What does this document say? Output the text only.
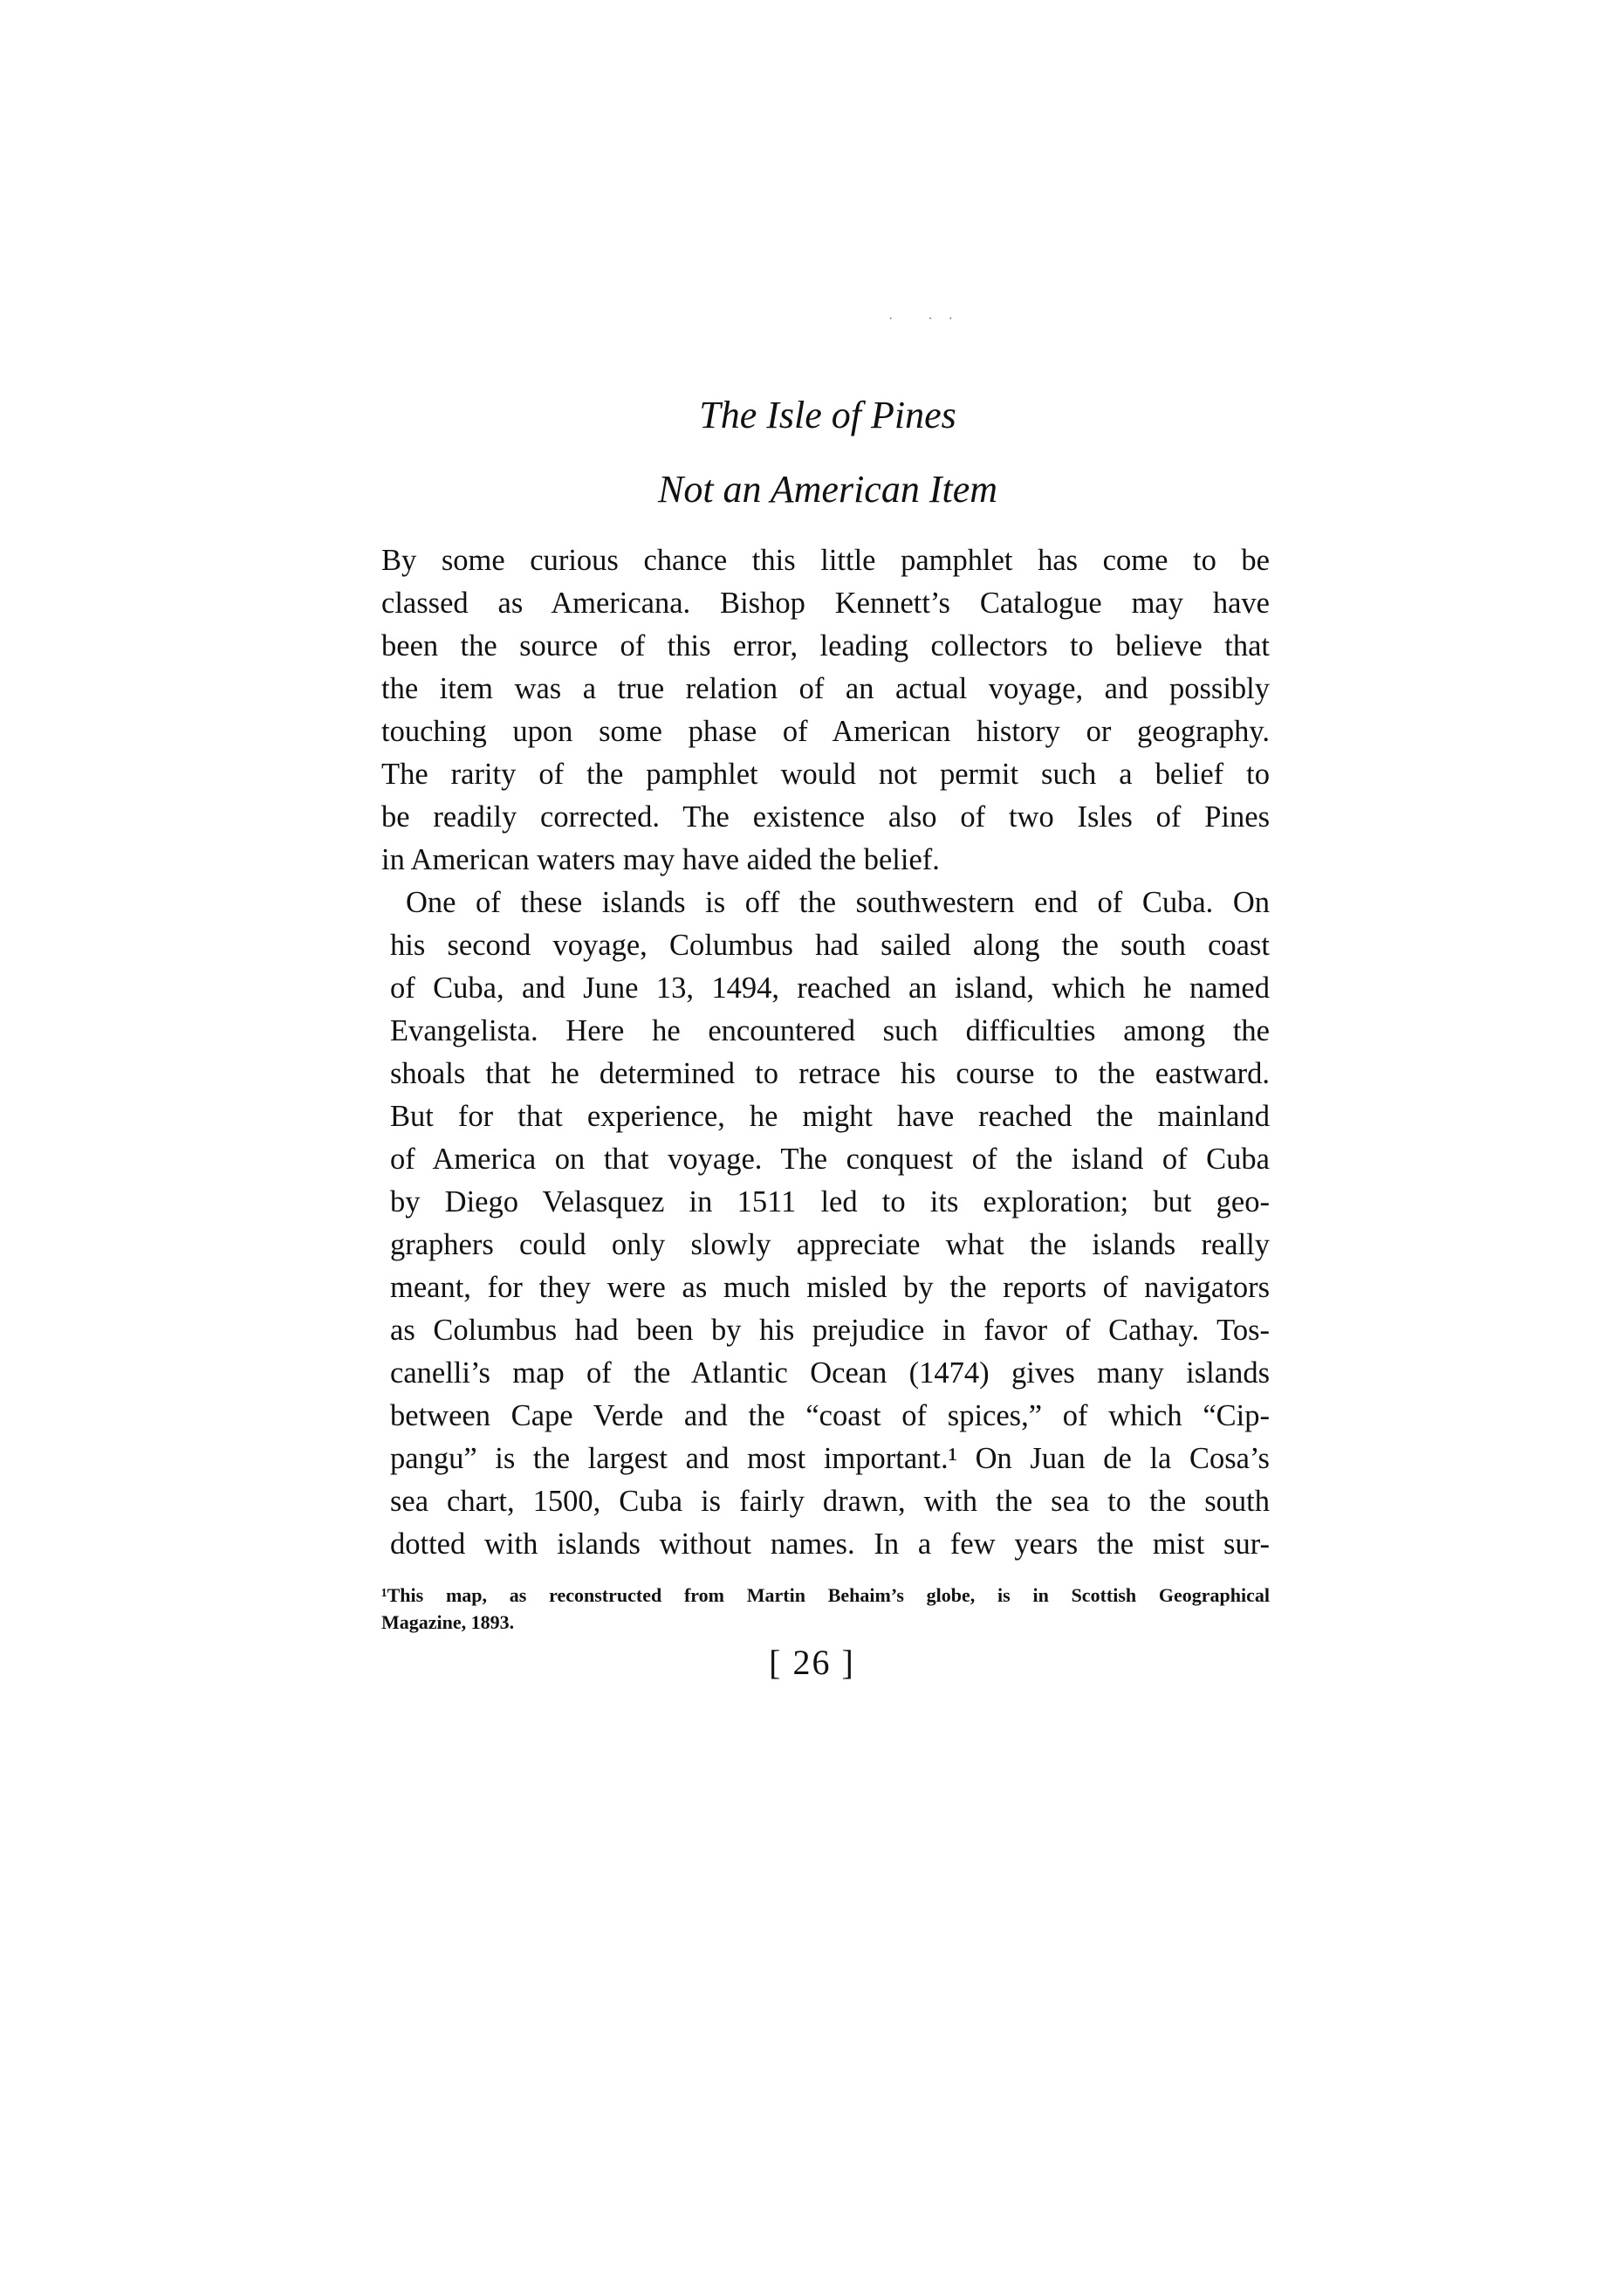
· ··
The Isle of Pines
Not an American Item

By some curious chance this little pamphlet has come to be
classed as Americana. Bishop Kennett’s Catalogue may have
been the source of this error, leading collectors to believe that
the item was a true relation of an actual voyage, and possibly
touching upon some phase of American history or geography.
The rarity of the pamphlet would not permit such a belief to
be readily corrected. The existence also of two Isles of Pines
in American waters may have aided the belief.

One of these islands is off the southwestern end of Cuba. On
his second voyage, Columbus had sailed along the south coast
of Cuba, and June 13, 1494, reached an island, which he named
Evangelista. Here he encountered such difficulties among the
shoals that he determined to retrace his course to the eastward.
But for that experience, he might have reached the mainland
of America on that voyage. The conquest of the island of Cuba
by Diego Velasquez in 1511 led to its exploration; but geo-
graphers could only slowly appreciate what the islands really
meant, for they were as much misled by the reports of navigators
as Columbus had been by his prejudice in favor of Cathay. Tos-
canelli’s map of the Atlantic Ocean (1474) gives many islands
between Cape Verde and the “coast of spices,” of which “Cip-
pangu” is the largest and most important.¹ On Juan de la Cosa’s
sea chart, 1500, Cuba is fairly drawn, with the sea to the south
dotted with islands without names. In a few years the mist sur-

¹This map, as reconstructed from Martin Behaim’s globe, is in Scottish Geographical
Magazine, 1893.

[ 26 ]
